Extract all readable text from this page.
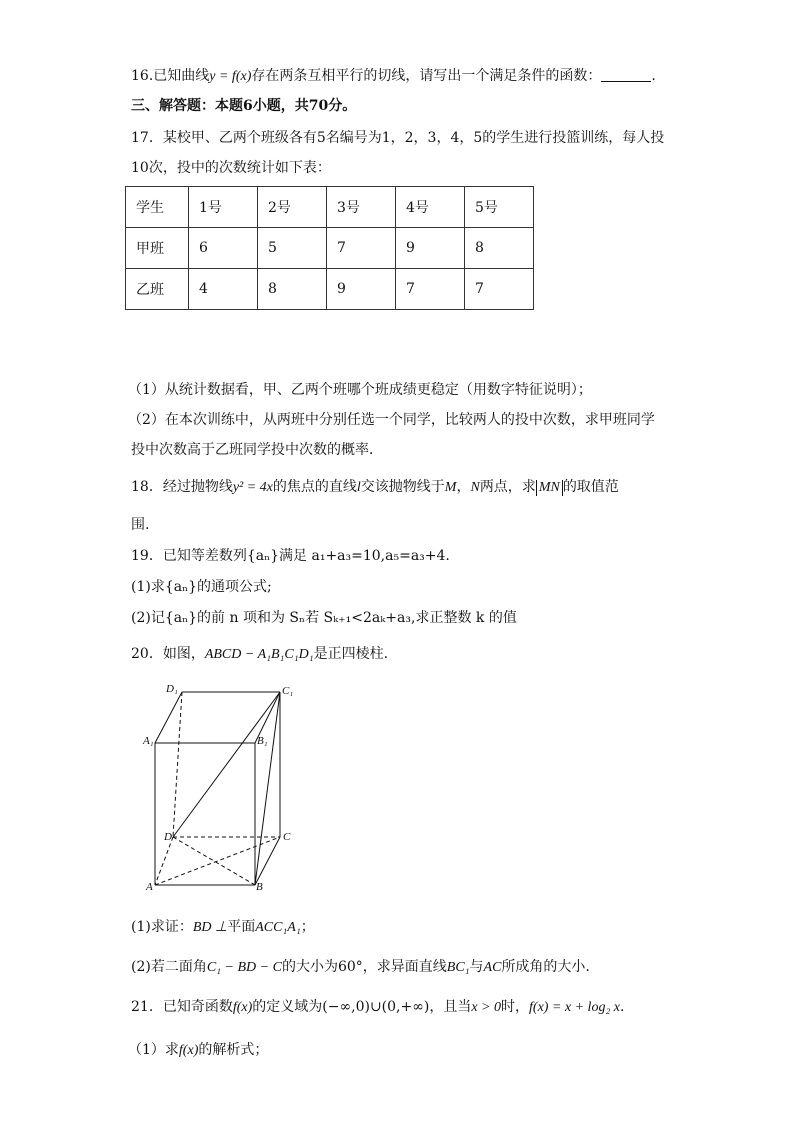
16.已知曲线y = f(x)存在两条互相平行的切线，请写出一个满足条件的函数：	.
三、解答题：本题6小题，共70分。
17．某校甲、乙两个班级各有5名编号为1，2，3，4，5的学生进行投篮训练，每人投
10次，投中的次数统计如下表：
学生	1号	2号	3号	4号	5号
甲班	6	5	7	9	8
乙班	4	8	9	7	7
（1）从统计数据看，甲、乙两个班哪个班成绩更稳定（用数字特征说明）；
（2）在本次训练中，从两班中分别任选一个同学，比较两人的投中次数，求甲班同学
投中次数高于乙班同学投中次数的概率．
18．经过抛物线y² = 4x的焦点的直线l交该抛物线于M，N两点，求 MN 的取值范
围.
19．已知等差数列{aₙ}满足 a₁+a₃=10,a₅=a₃+4.
(1)求{aₙ}的通项公式;
(2)记{aₙ}的前 n 项和为 Sₙ若 Sₖ₊₁<2aₖ+a₃,求正整数 k 的值
20．如图，ABCD − A₁B₁C₁D₁是正四棱柱.
D₁	C₁
A₁	B₁
D	C
A	B
(1)求证：BD ⊥平面ACC₁A₁；
(2)若二面角C₁ − BD − C的大小为60°，求异面直线BC₁与AC所成角的大小.
21．已知奇函数f(x)的定义域为(−∞,0)∪(0,+∞)，且当x > 0时，f(x) = x + log₂ x.
（1）求f(x)的解析式；
